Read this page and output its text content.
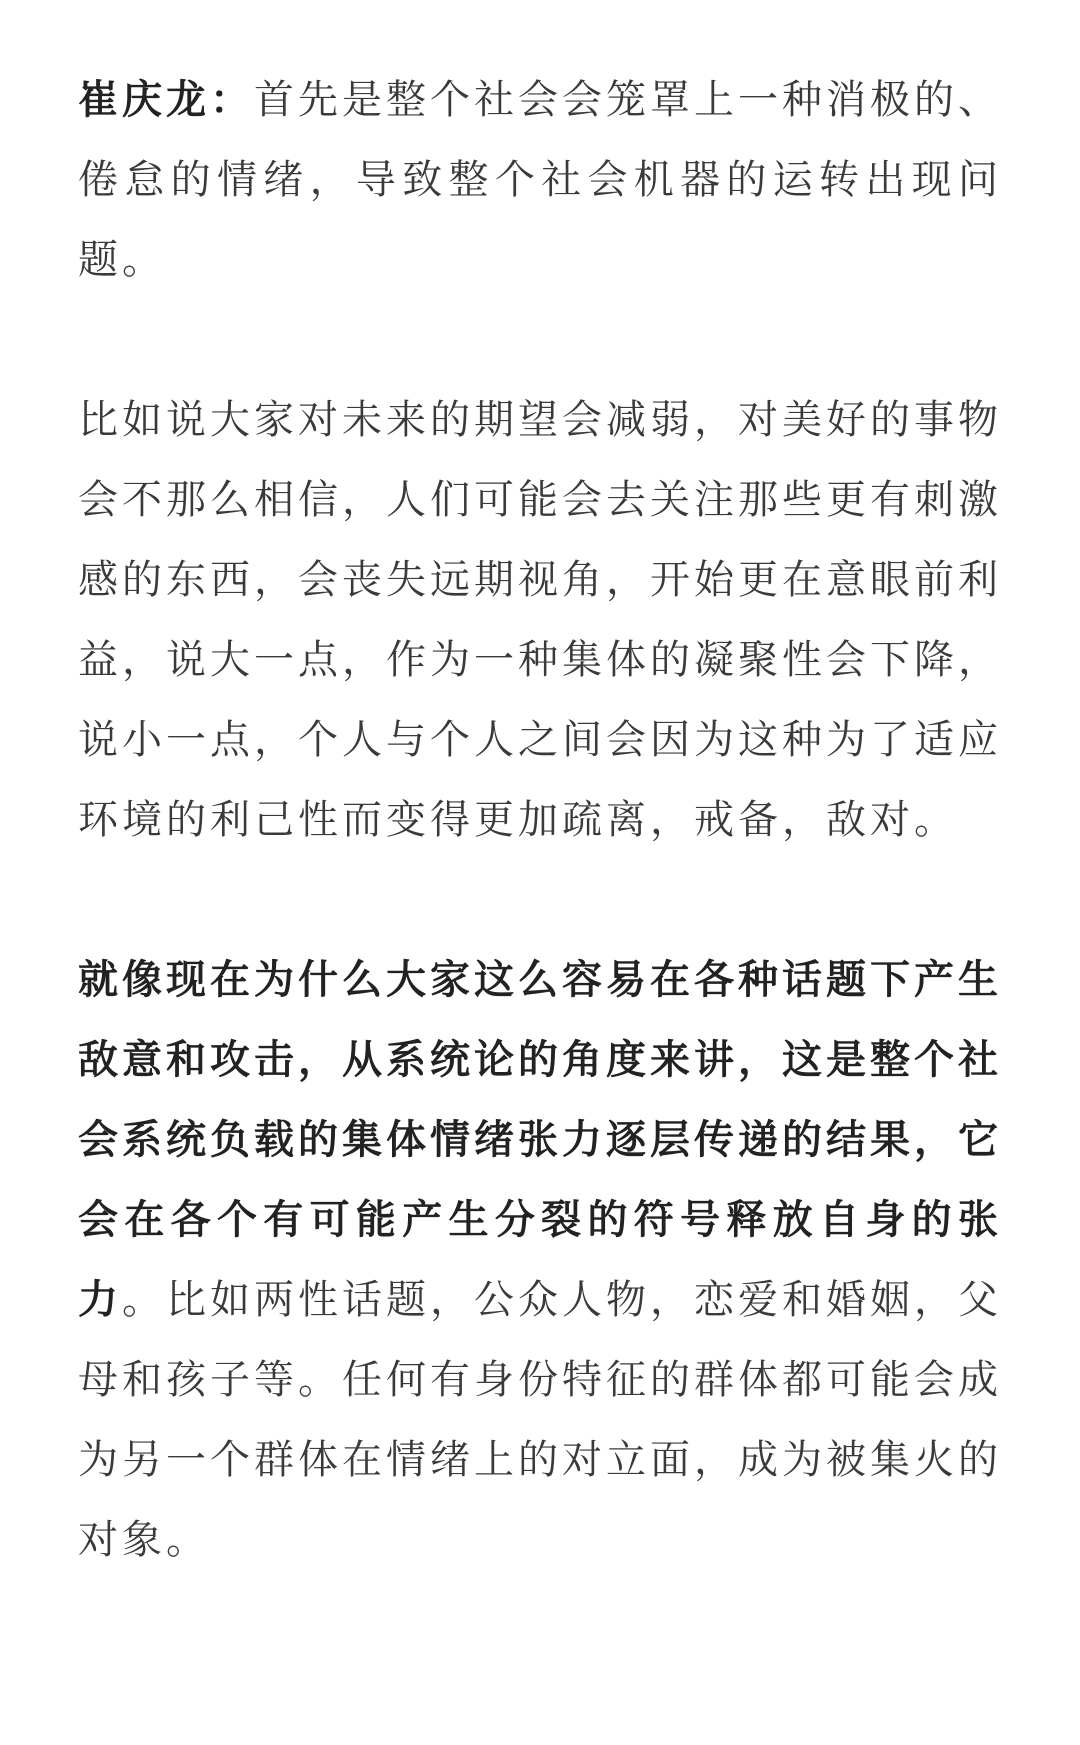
崔庆龙：首先是整个社会会笼罩上一种消极的、倦怠的情绪，导致整个社会机器的运转出现问题。

比如说大家对未来的期望会减弱，对美好的事物会不那么相信，人们可能会去关注那些更有刺激感的东西，会丧失远期视角，开始更在意眼前利益，说大一点，作为一种集体的凝聚性会下降，说小一点，个人与个人之间会因为这种为了适应环境的利己性而变得更加疏离，戒备，敌对。

就像现在为什么大家这么容易在各种话题下产生敌意和攻击，从系统论的角度来讲，这是整个社会系统负载的集体情绪张力逐层传递的结果，它会在各个有可能产生分裂的符号释放自身的张力。比如两性话题，公众人物，恋爱和婚姻，父母和孩子等。任何有身份特征的群体都可能会成为另一个群体在情绪上的对立面，成为被集火的对象。
